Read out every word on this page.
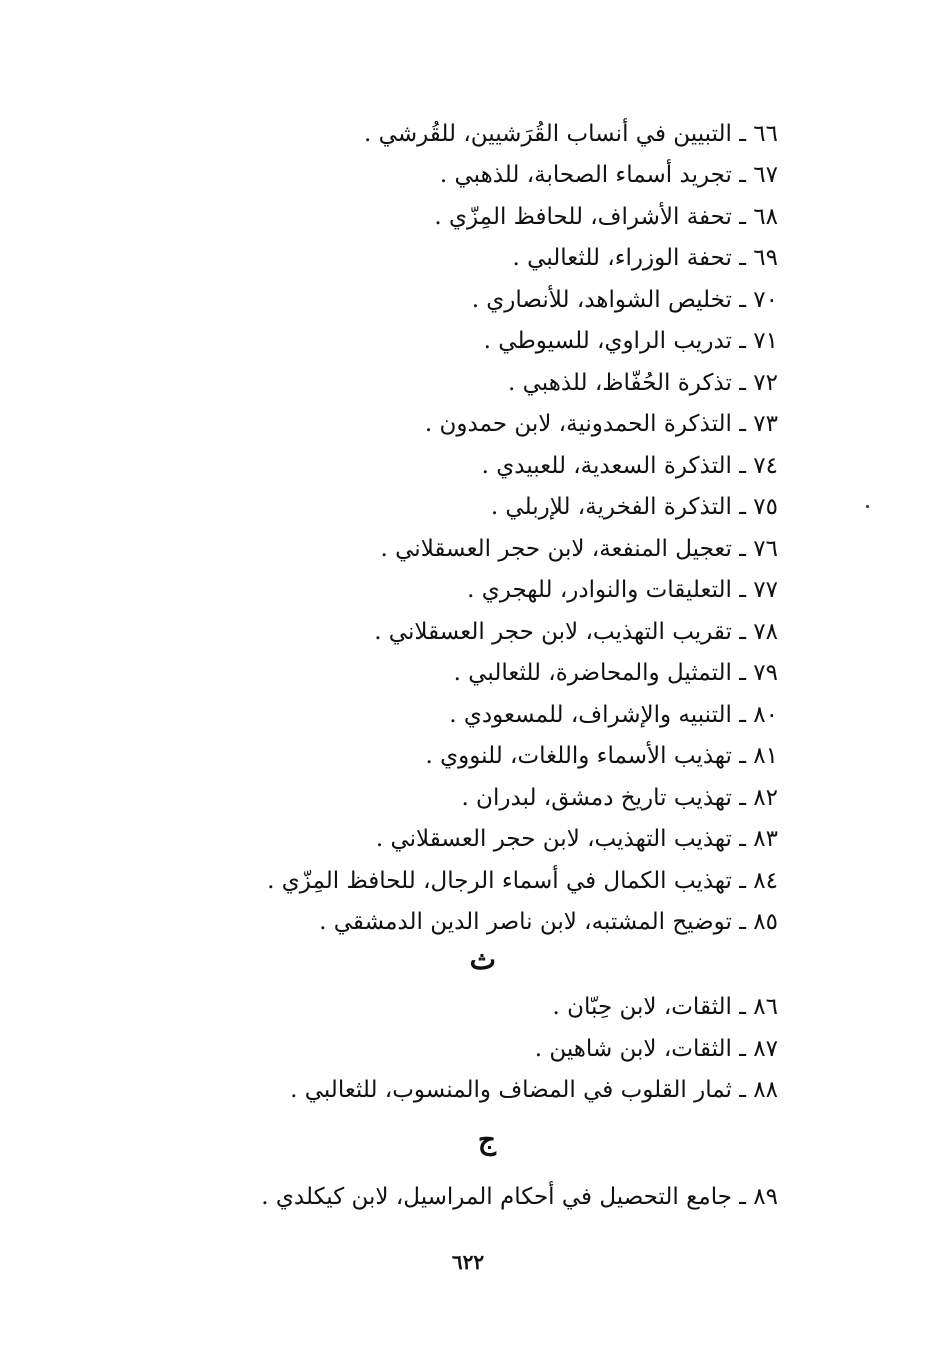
٦٦ ـ التبيين في أنساب القُرَشيين، للقُرشي .
٦٧ ـ تجريد أسماء الصحابة، للذهبي .
٦٨ ـ تحفة الأشراف، للحافظ المِزّي .
٦٩ ـ تحفة الوزراء، للثعالبي .
٧٠ ـ تخليص الشواهد، للأنصاري .
٧١ ـ تدريب الراوي، للسيوطي .
٧٢ ـ تذكرة الحُفّاظ، للذهبي .
٧٣ ـ التذكرة الحمدونية، لابن حمدون .
٧٤ ـ التذكرة السعدية، للعبيدي .
٧٥ ـ التذكرة الفخرية، للإربلي .
٧٦ ـ تعجيل المنفعة، لابن حجر العسقلاني .
٧٧ ـ التعليقات والنوادر، للهجري .
٧٨ ـ تقريب التهذيب، لابن حجر العسقلاني .
٧٩ ـ التمثيل والمحاضرة، للثعالبي .
٨٠ ـ التنبيه والإشراف، للمسعودي .
٨١ ـ تهذيب الأسماء واللغات، للنووي .
٨٢ ـ تهذيب تاريخ دمشق، لبدران .
٨٣ ـ تهذيب التهذيب، لابن حجر العسقلاني .
٨٤ ـ تهذيب الكمال في أسماء الرجال، للحافظ المِزّي .
٨٥ ـ توضيح المشتبه، لابن ناصر الدين الدمشقي .
ث
٨٦ ـ الثقات، لابن حِبّان .
٨٧ ـ الثقات، لابن شاهين .
٨٨ ـ ثمار القلوب في المضاف والمنسوب، للثعالبي .
ج
٨٩ ـ جامع التحصيل في أحكام المراسيل، لابن كيكلدي .
٦٢٢
